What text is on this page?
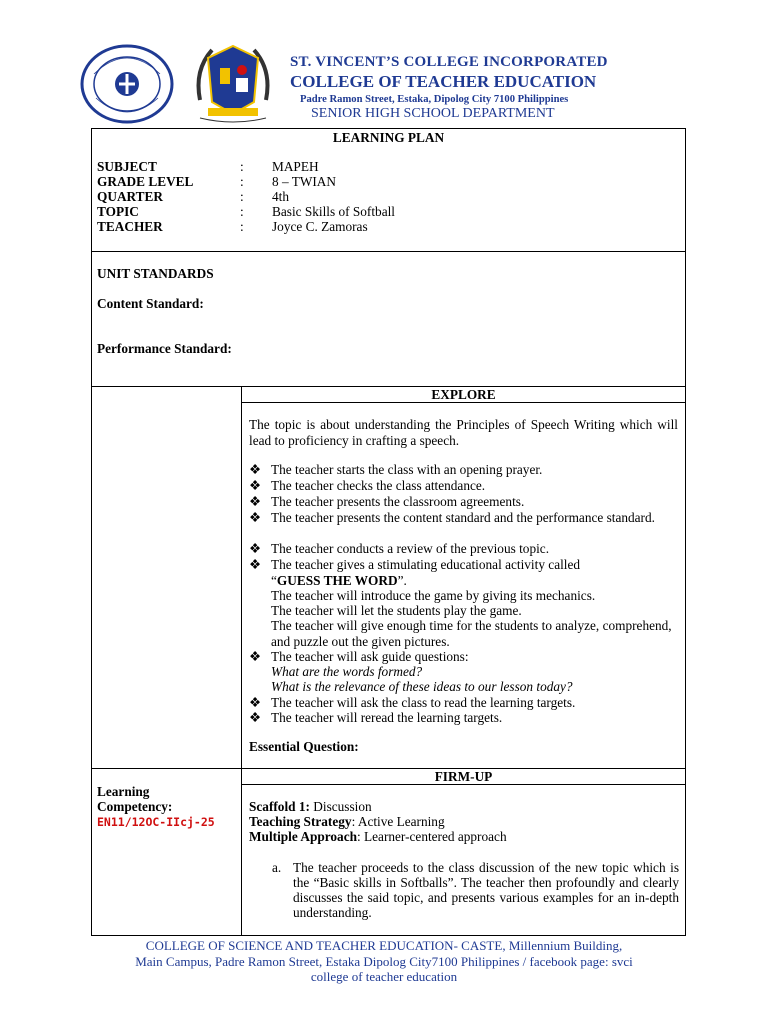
ST. VINCENT’S COLLEGE INCORPORATED
COLLEGE OF TEACHER EDUCATION
Padre Ramon Street, Estaka, Dipolog City 7100 Philippines
SENIOR HIGH SCHOOL DEPARTMENT
LEARNING PLAN
SUBJECT	: MAPEH
GRADE LEVEL	: 8 – TWIAN
QUARTER	: 4th
TOPIC	: Basic Skills of Softball
TEACHER	: Joyce C. Zamoras
UNIT STANDARDS
Content Standard:
Performance Standard:
EXPLORE
The topic is about understanding the Principles of Speech Writing which will lead to proficiency in crafting a speech.
❖ The teacher starts the class with an opening prayer.
❖ The teacher checks the class attendance.
❖ The teacher presents the classroom agreements.
❖ The teacher presents the content standard and the performance standard.
❖ The teacher conducts a review of the previous topic.
❖ The teacher gives a stimulating educational activity called
“GUESS THE WORD”.
The teacher will introduce the game by giving its mechanics.
The teacher will let the students play the game.
The teacher will give enough time for the students to analyze, comprehend, and puzzle out the given pictures.
❖ The teacher will ask guide questions:
What are the words formed?
What is the relevance of these ideas to our lesson today?
❖ The teacher will ask the class to read the learning targets.
❖ The teacher will reread the learning targets.
Essential Question:
FIRM-UP
Learning Competency:
EN11/12OC-IIcj-25
Scaffold 1: Discussion
Teaching Strategy: Active Learning
Multiple Approach: Learner-centered approach
a. The teacher proceeds to the class discussion of the new topic which is the “Basic skills in Softballs”. The teacher then profoundly and clearly discusses the said topic, and presents various examples for an in-depth understanding.
COLLEGE OF SCIENCE AND TEACHER EDUCATION- CASTE, Millennium Building,
Main Campus, Padre Ramon Street, Estaka Dipolog City7100 Philippines / facebook page: svci
college of teacher education
